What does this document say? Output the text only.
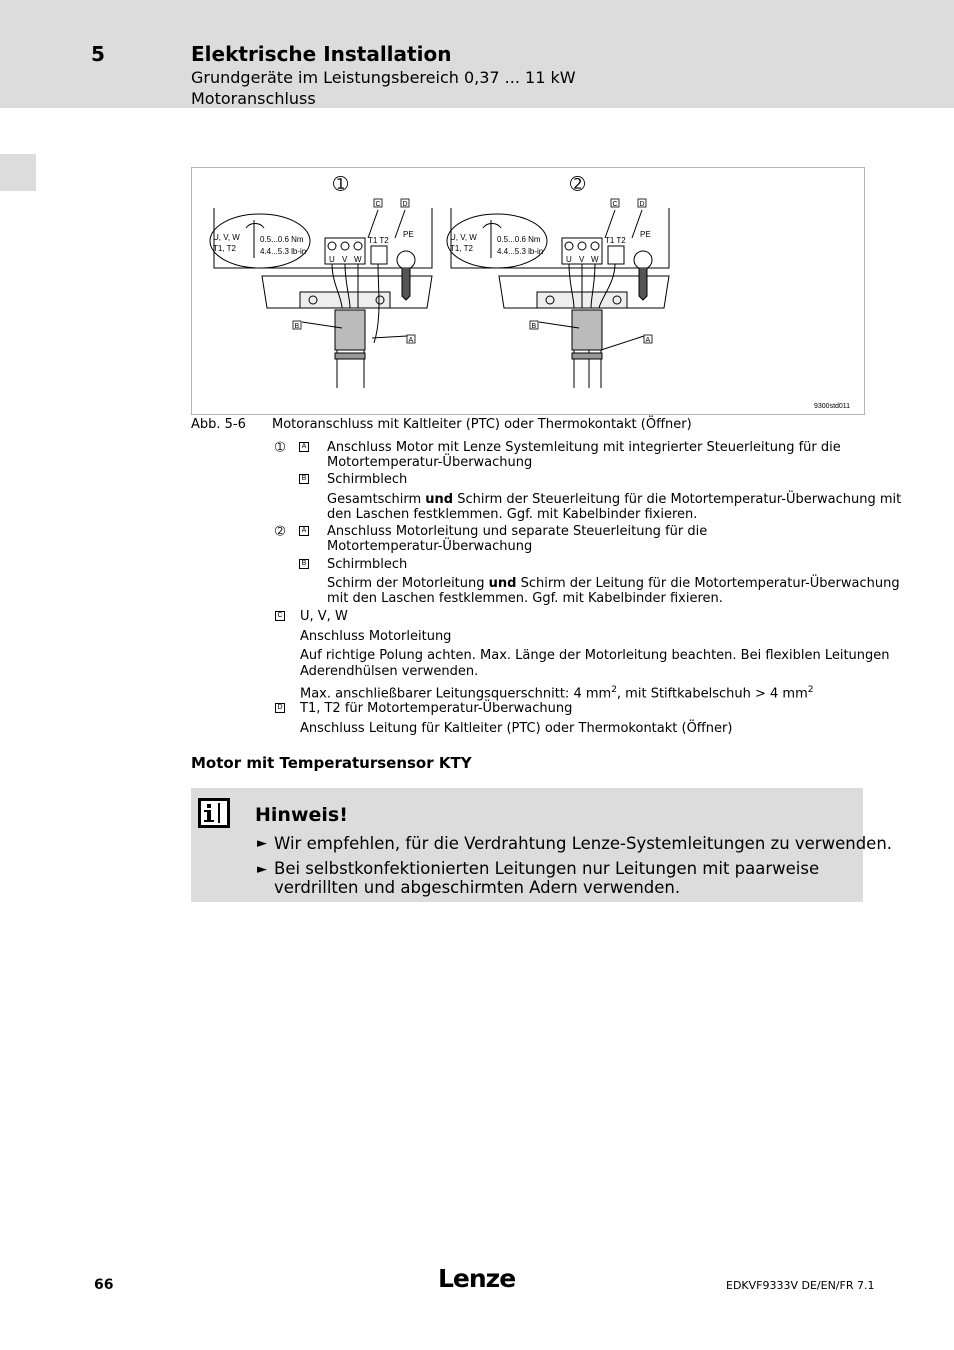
5	Elektrische Installation
Grundgeräte im Leistungsbereich 0,37 ... 11 kW
Motoranschluss
➀
U, V, W
T1, T2
0.5...0.6 Nm
4.4...5.3 lb-in
U V W
T1 T2
PE
C	D
B
A
➁
U, V, W
T1, T2
0.5...0.6 Nm
4.4...5.3 lb-in
U V W
T1 T2
PE
C	D
B
A
9300std011
Abb. 5-6 Motoranschluss mit Kaltleiter (PTC) oder Thermokontakt (Öffner)
➀	A Anschluss Motor mit Lenze Systemleitung mit integrierter Steuerleitung für die
Motortemperatur-Überwachung
B Schirmblech
Gesamtschirm und Schirm der Steuerleitung für die Motortemperatur-Überwachung mit
den Laschen festklemmen. Ggf. mit Kabelbinder fixieren.
➁	A Anschluss Motorleitung und separate Steuerleitung für die
Motortemperatur-Überwachung
B Schirmblech
Schirm der Motorleitung und Schirm der Leitung für die Motortemperatur-Überwachung
mit den Laschen festklemmen. Ggf. mit Kabelbinder fixieren.
C U, V, W
Anschluss Motorleitung
Auf richtige Polung achten. Max. Länge der Motorleitung beachten. Bei flexiblen Leitungen
Aderendhülsen verwenden.
Max. anschließbarer Leitungsquerschnitt: 4 $mm^2$, mit Stiftkabelschuh > 4 $mm^2$
D T1, T2 für Motortemperatur-Überwachung
Anschluss Leitung für Kaltleiter (PTC) oder Thermokontakt (Öffner)
Motor mit Temperatursensor KTY
Hinweis!
► Wir empfehlen, für die Verdrahtung Lenze-Systemleitungen zu verwenden.
► Bei selbstkonfektionierten Leitungen nur Leitungen mit paarweise
verdrillten und abgeschirmten Adern verwenden.
66	Lenze	EDKVF9333V DE/EN/FR 7.1
